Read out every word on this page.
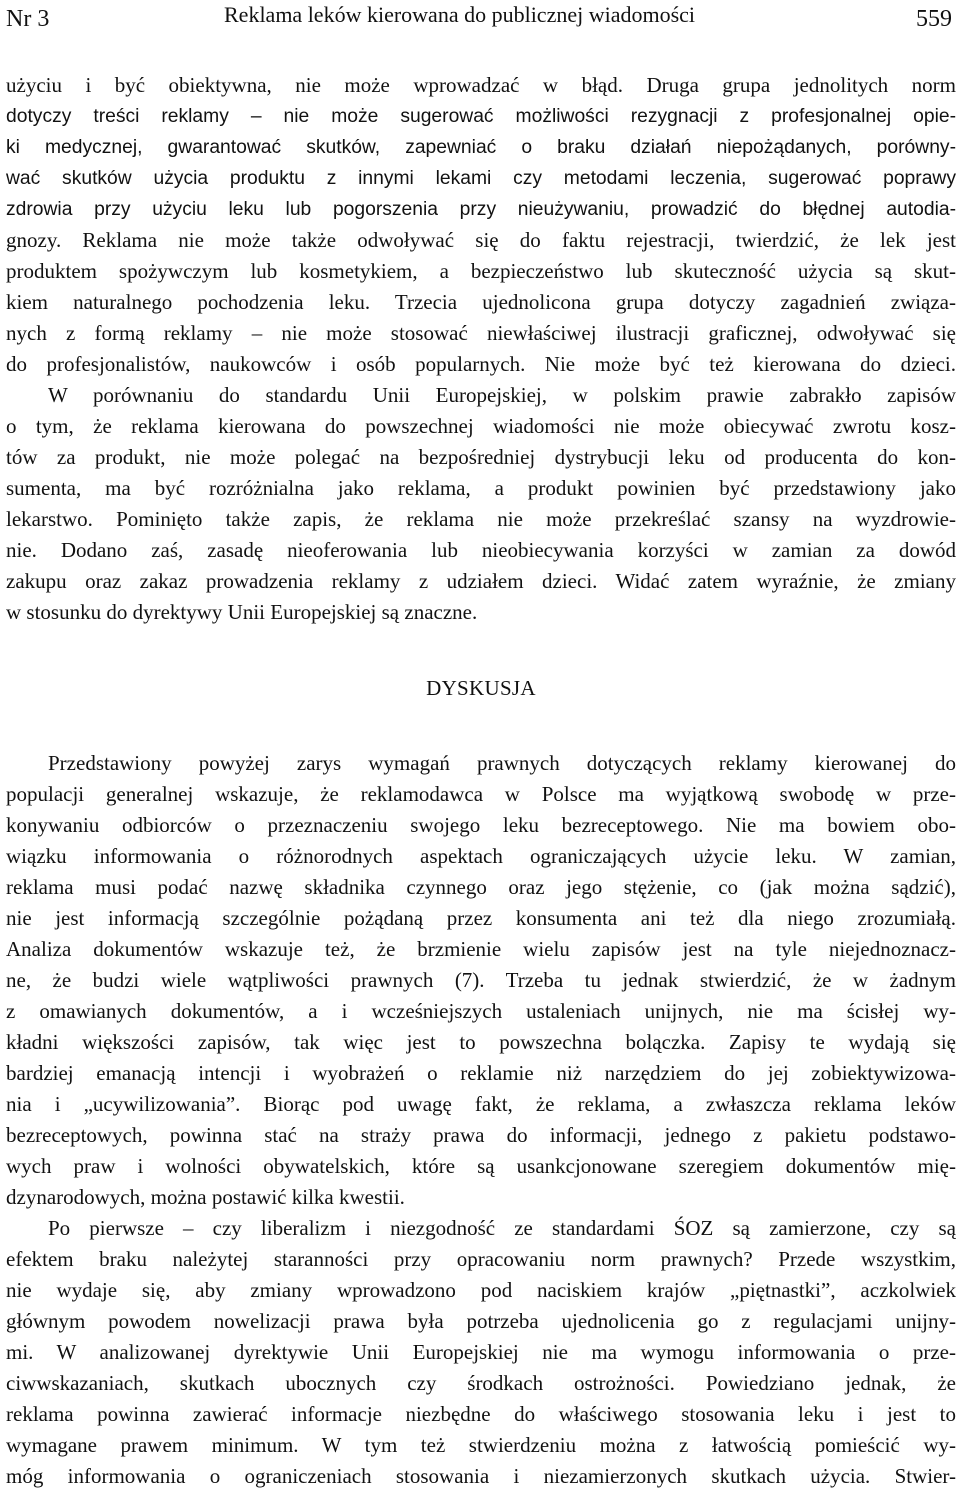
Nr 3	Reklama leków kierowana do publicznej wiadomości	559
użyciu i być obiektywna, nie może wprowadzać w błąd. Druga grupa jednolitych norm
dotyczy treści reklamy – nie może sugerować możliwości rezygnacji z profesjonalnej opie-
ki medycznej, gwarantować skutków, zapewniać o braku działań niepożądanych, porówny-
wać skutków użycia produktu z innymi lekami czy metodami leczenia, sugerować poprawy
zdrowia przy użyciu leku lub pogorszenia przy nieużywaniu, prowadzić do błędnej autodia-
gnozy. Reklama nie może także odwoływać się do faktu rejestracji, twierdzić, że lek jest
produktem spożywczym lub kosmetykiem, a bezpieczeństwo lub skuteczność użycia są skut-
kiem naturalnego pochodzenia leku. Trzecia ujednolicona grupa dotyczy zagadnień związa-
nych z formą reklamy – nie może stosować niewłaściwej ilustracji graficznej, odwoływać się
do profesjonalistów, naukowców i osób popularnych. Nie może być też kierowana do dzieci.
W porównaniu do standardu Unii Europejskiej, w polskim prawie zabrakło zapisów
o tym, że reklama kierowana do powszechnej wiadomości nie może obiecywać zwrotu kosz-
tów za produkt, nie może polegać na bezpośredniej dystrybucji leku od producenta do kon-
sumenta, ma być rozróżnialna jako reklama, a produkt powinien być przedstawiony jako
lekarstwo. Pominięto także zapis, że reklama nie może przekreślać szansy na wyzdrowie-
nie. Dodano zaś, zasadę nieoferowania lub nieobiecywania korzyści w zamian za dowód
zakupu oraz zakaz prowadzenia reklamy z udziałem dzieci. Widać zatem wyraźnie, że zmiany
w stosunku do dyrektywy Unii Europejskiej są znaczne.
DYSKUSJA
Przedstawiony powyżej zarys wymagań prawnych dotyczących reklamy kierowanej do
populacji generalnej wskazuje, że reklamodawca w Polsce ma wyjątkową swobodę w prze-
konywaniu odbiorców o przeznaczeniu swojego leku bezreceptowego. Nie ma bowiem obo-
wiązku informowania o różnorodnych aspektach ograniczających użycie leku. W zamian,
reklama musi podać nazwę składnika czynnego oraz jego stężenie, co (jak można sądzić),
nie jest informacją szczególnie pożądaną przez konsumenta ani też dla niego zrozumiałą.
Analiza dokumentów wskazuje też, że brzmienie wielu zapisów jest na tyle niejednoznacz-
ne, że budzi wiele wątpliwości prawnych (7). Trzeba tu jednak stwierdzić, że w żadnym
z omawianych dokumentów, a i wcześniejszych ustaleniach unijnych, nie ma ścisłej wy-
kładni większości zapisów, tak więc jest to powszechna bolączka. Zapisy te wydają się
bardziej emanacją intencji i wyobrażeń o reklamie niż narzędziem do jej zobiektywizowa-
nia i „ucywilizowania”. Biorąc pod uwagę fakt, że reklama, a zwłaszcza reklama leków
bezreceptowych, powinna stać na straży prawa do informacji, jednego z pakietu podstawo-
wych praw i wolności obywatelskich, które są usankcjonowane szeregiem dokumentów mię-
dzynarodowych, można postawić kilka kwestii.
Po pierwsze – czy liberalizm i niezgodność ze standardami ŚOZ są zamierzone, czy są
efektem braku należytej staranności przy opracowaniu norm prawnych? Przede wszystkim,
nie wydaje się, aby zmiany wprowadzono pod naciskiem krajów „piętnastki”, aczkolwiek
głównym powodem nowelizacji prawa była potrzeba ujednolicenia go z regulacjami unijny-
mi. W analizowanej dyrektywie Unii Europejskiej nie ma wymogu informowania o prze-
ciwwskazaniach, skutkach ubocznych czy środkach ostrożności. Powiedziano jednak, że
reklama powinna zawierać informacje niezbędne do właściwego stosowania leku i jest to
wymagane prawem minimum. W tym też stwierdzeniu można z łatwością pomieścić wy-
móg informowania o ograniczeniach stosowania i niezamierzonych skutkach użycia. Stwier-
